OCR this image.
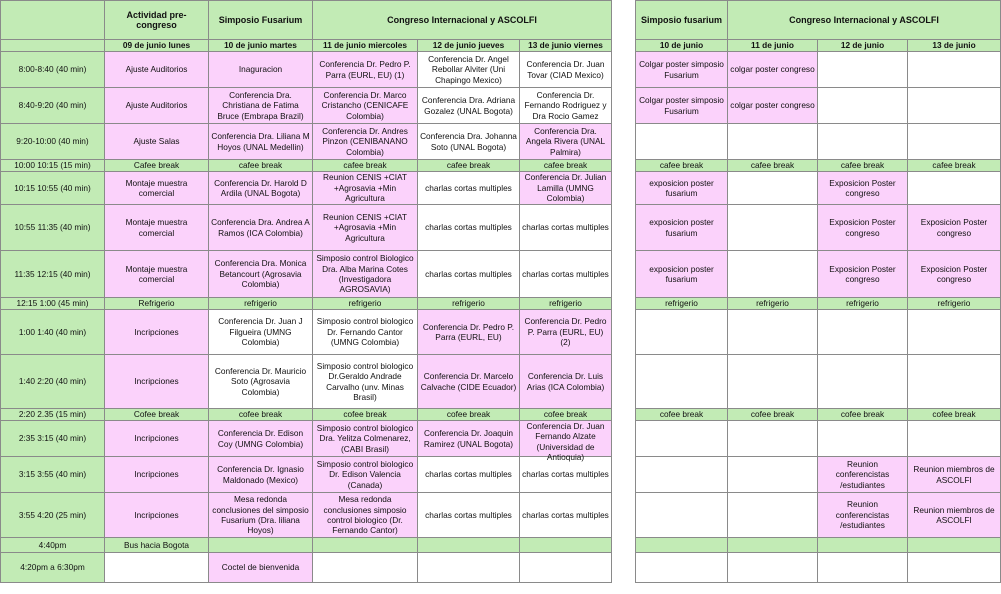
	Actividad pre-congreso	Simposio Fusarium	Congreso Internacional y ASCOLFI		
	09 de junio lunes	10 de junio martes	11 de junio miercoles	12 de junio jueves	13 de junio viernes
8:00-8:40 (40 min)	Ajuste Auditorios	Inaguracion	Conferencia Dr. Pedro P. Parra (EURL, EU) (1)	Conferencia Dr. Angel Rebollar Alviter (Uni Chapingo Mexico)	Conferencia Dr. Juan Tovar (CIAD Mexico)

8:40-9:20 (40 min)	Ajuste Auditorios	Conferencia Dra. Christiana de Fatima Bruce (Embrapa Brazil)	Conferencia Dr. Marco Cristancho (CENICAFE Colombia)	Conferencia Dra. Adriana Gozalez (UNAL Bogota)	Conferencia Dr. Fernando Rodriguez y Dra Rocio Gamez

9:20-10:00 (40 min)	Ajuste Salas	Conferencia Dra. Liliana M Hoyos (UNAL Medellin)	Conferencia Dr. Andres Pinzon (CENIBANANO Colombia)	Conferencia Dra. Johanna Soto (UNAL Bogota)	Conferencia Dra. Angela Rivera (UNAL Palmira)

10:00 10:15 (15 min)	Cafee break	cafee break	cafee break	cafee break	cafee break

10:15 10:55 (40 min)	Montaje muestra comercial	Conferencia Dr. Harold D Ardila (UNAL Bogota)	Reunion CENIS +CIAT +Agrosavia +Min Agricultura	charlas cortas multiples	Conferencia Dr. Julian Lamilla (UMNG Colombia)

10:55 11:35 (40 min)	Montaje muestra comercial	Conferencia Dra. Andrea A Ramos (ICA Colombia)	Reunion CENIS +CIAT +Agrosavia +Min Agricultura	charlas cortas multiples	charlas cortas multiples

11:35 12:15 (40 min)	Montaje muestra comercial	Conferencia Dra. Monica Betancourt (Agrosavia Colombia)	Simposio control Biologico Dra. Alba Marina Cotes (Investigadora AGROSAVIA)	charlas cortas multiples	charlas cortas multiples

12:15 1:00 (45 min)	Refrigerio	refrigerio	refrigerio	refrigerio	refrigerio

1:00 1:40 (40 min)	Incripciones	Conferencia Dr. Juan J Filgueira (UMNG Colombia)	Simposio control biologico Dr. Fernando Cantor (UMNG Colombia)	Conferencia Dr. Pedro P. Parra (EURL, EU)	Conferencia Dr. Pedro P. Parra (EURL, EU) (2)

1:40 2:20 (40 min)	Incripciones	Conferencia Dr. Mauricio Soto (Agrosavia Colombia)	Simposio control biologico Dr.Geraldo Andrade Carvalho (unv. Minas Brasil)	Conferencia Dr. Marcelo Calvache (CIDE Ecuador)	Conferencia Dr. Luis Arias (ICA Colombia)

2:20 2.35 (15 min)	Cofee break	cofee break	cofee break	cofee break	cofee break

2:35 3:15 (40 min)	Incripciones	Conferencia Dr. Edison Coy (UMNG Colombia)	Simposio control biologico Dra. Yelitza Colmenarez, (CABI Brasil)	Conferencia Dr. Joaquin Ramirez (UNAL Bogota)	Conferencia Dr. Juan Fernando Alzate (Universidad de Antioquia)

3:15 3:55 (40 min)	Incripciones	Conferencia Dr. Ignasio Maldonado (Mexico)	Simposio control biologico Dr. Edison Valencia (Canada)	charlas cortas multiples	charlas cortas multiples

3:55 4:20 (25 min)	Incripciones	Mesa redonda conclusiones del simposio Fusarium (Dra. liliana Hoyos)	Mesa redonda conclusiones simposio control biologico (Dr. Fernando Cantor)	charlas cortas multiples	charlas cortas multiples

4:40pm	Bus hacia Bogota				

4:20pm a 6:30pm		Coctel de bienvenida			

Simposio fusarium	Congreso Internacional y ASCOLFI		
10 de junio	11 de junio	12 de junio	13 de junio

Colgar poster simposio Fusarium	colgar poster congreso		

Colgar poster simposio Fusarium	colgar poster congreso		

cafee break	cafee break	cafee break	cafee break

exposicion poster fusarium		Exposicion Poster congreso	

exposicion poster fusarium		Exposicion Poster congreso	Exposicion Poster congreso

exposicion poster fusarium		Exposicion Poster congreso	Exposicion Poster congreso

refrigerio	refrigerio	refrigerio	refrigerio

cofee break	cofee break	cofee break	cofee break

		Reunion conferencistas /estudiantes	Reunion miembros de ASCOLFI

		Reunion conferencistas /estudiantes	Reunion miembros de ASCOLFI
